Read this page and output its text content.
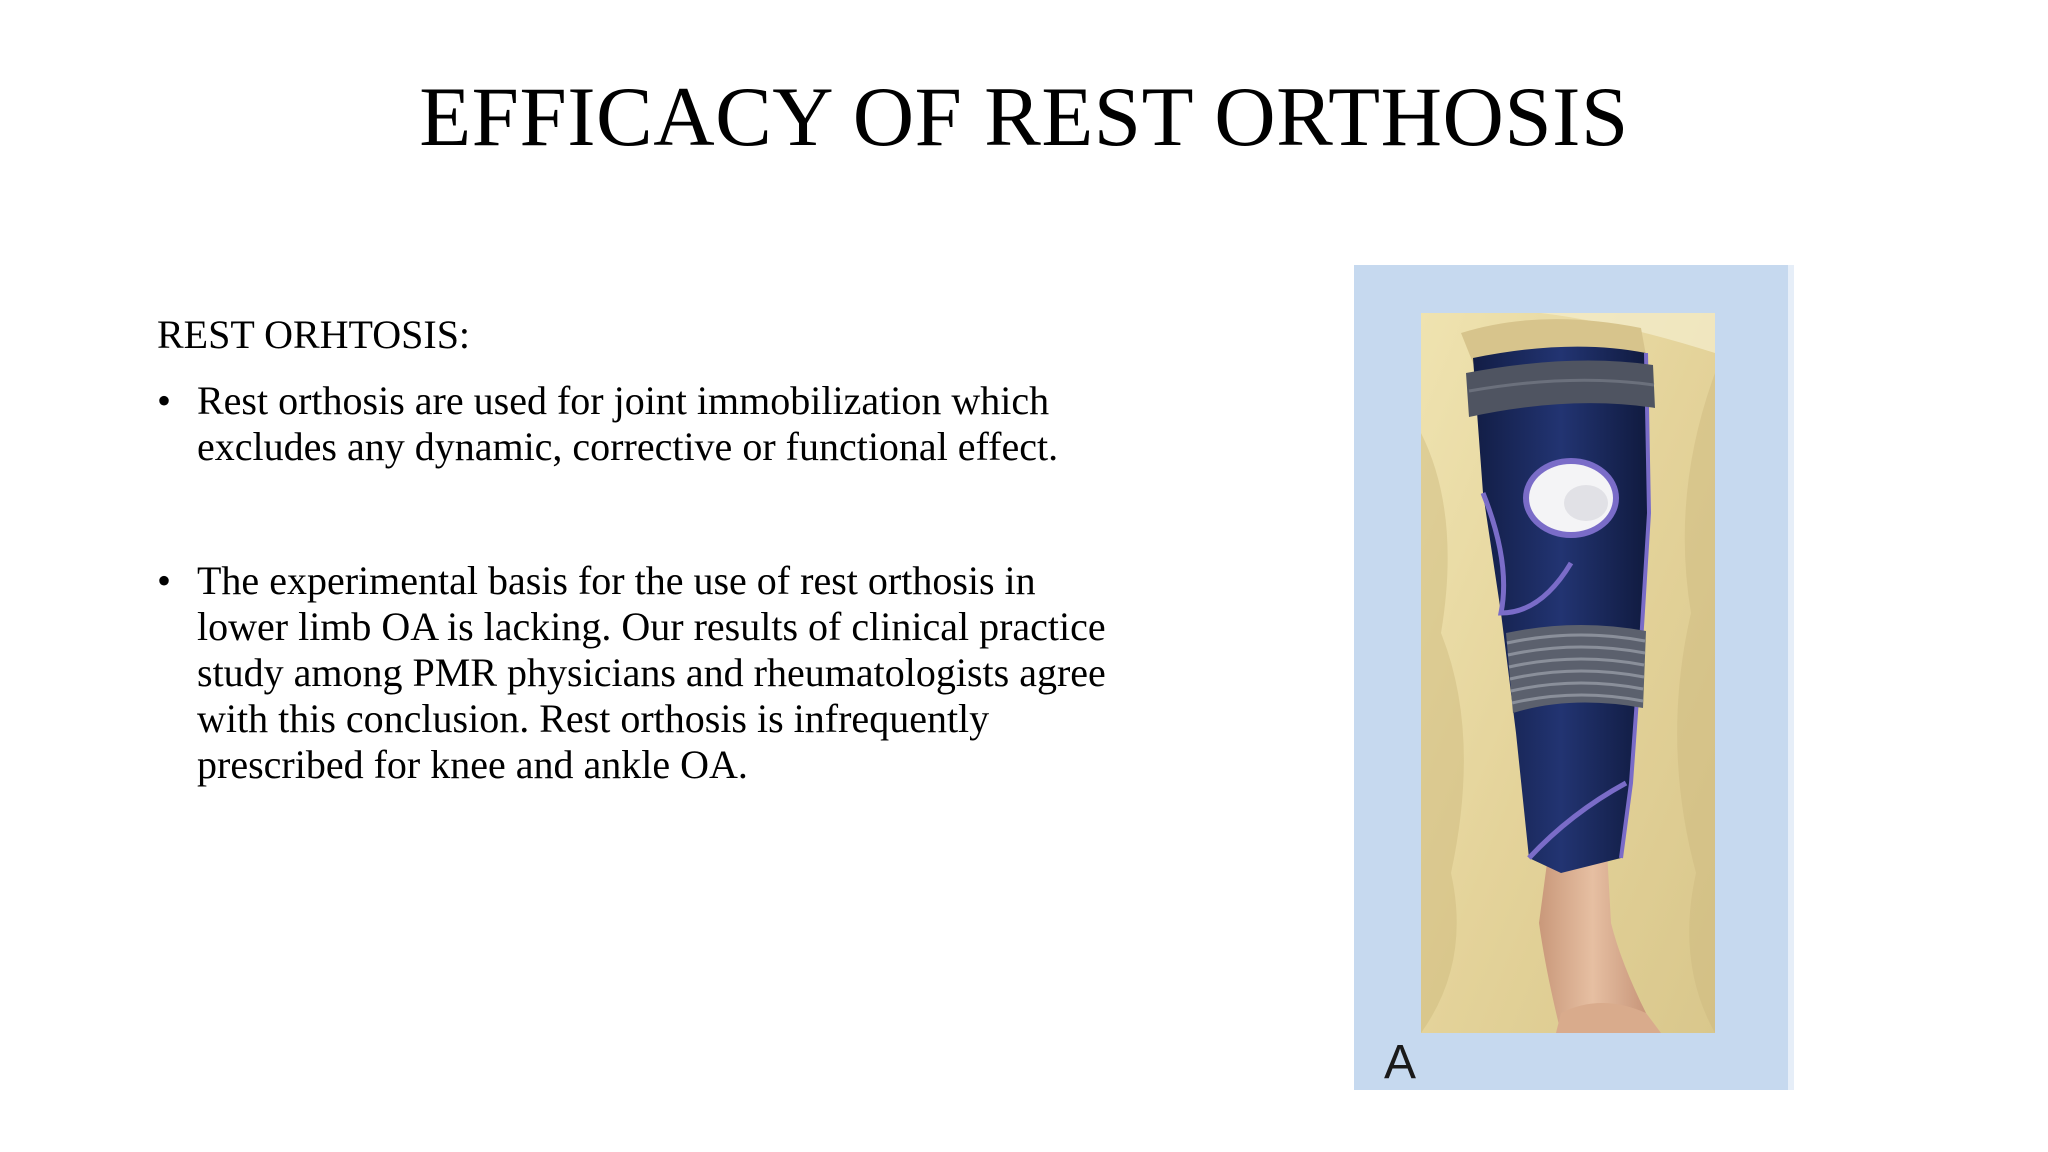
EFFICACY OF REST ORTHOSIS
REST ORHTOSIS:
• Rest orthosis are used for joint immobilization which excludes any dynamic, corrective or functional effect.
• The experimental basis for the use of rest orthosis in lower limb OA is lacking. Our results of clinical practice study among PMR physicians and rheumatologists agree with this conclusion. Rest orthosis is infrequently prescribed for knee and ankle OA.
A
